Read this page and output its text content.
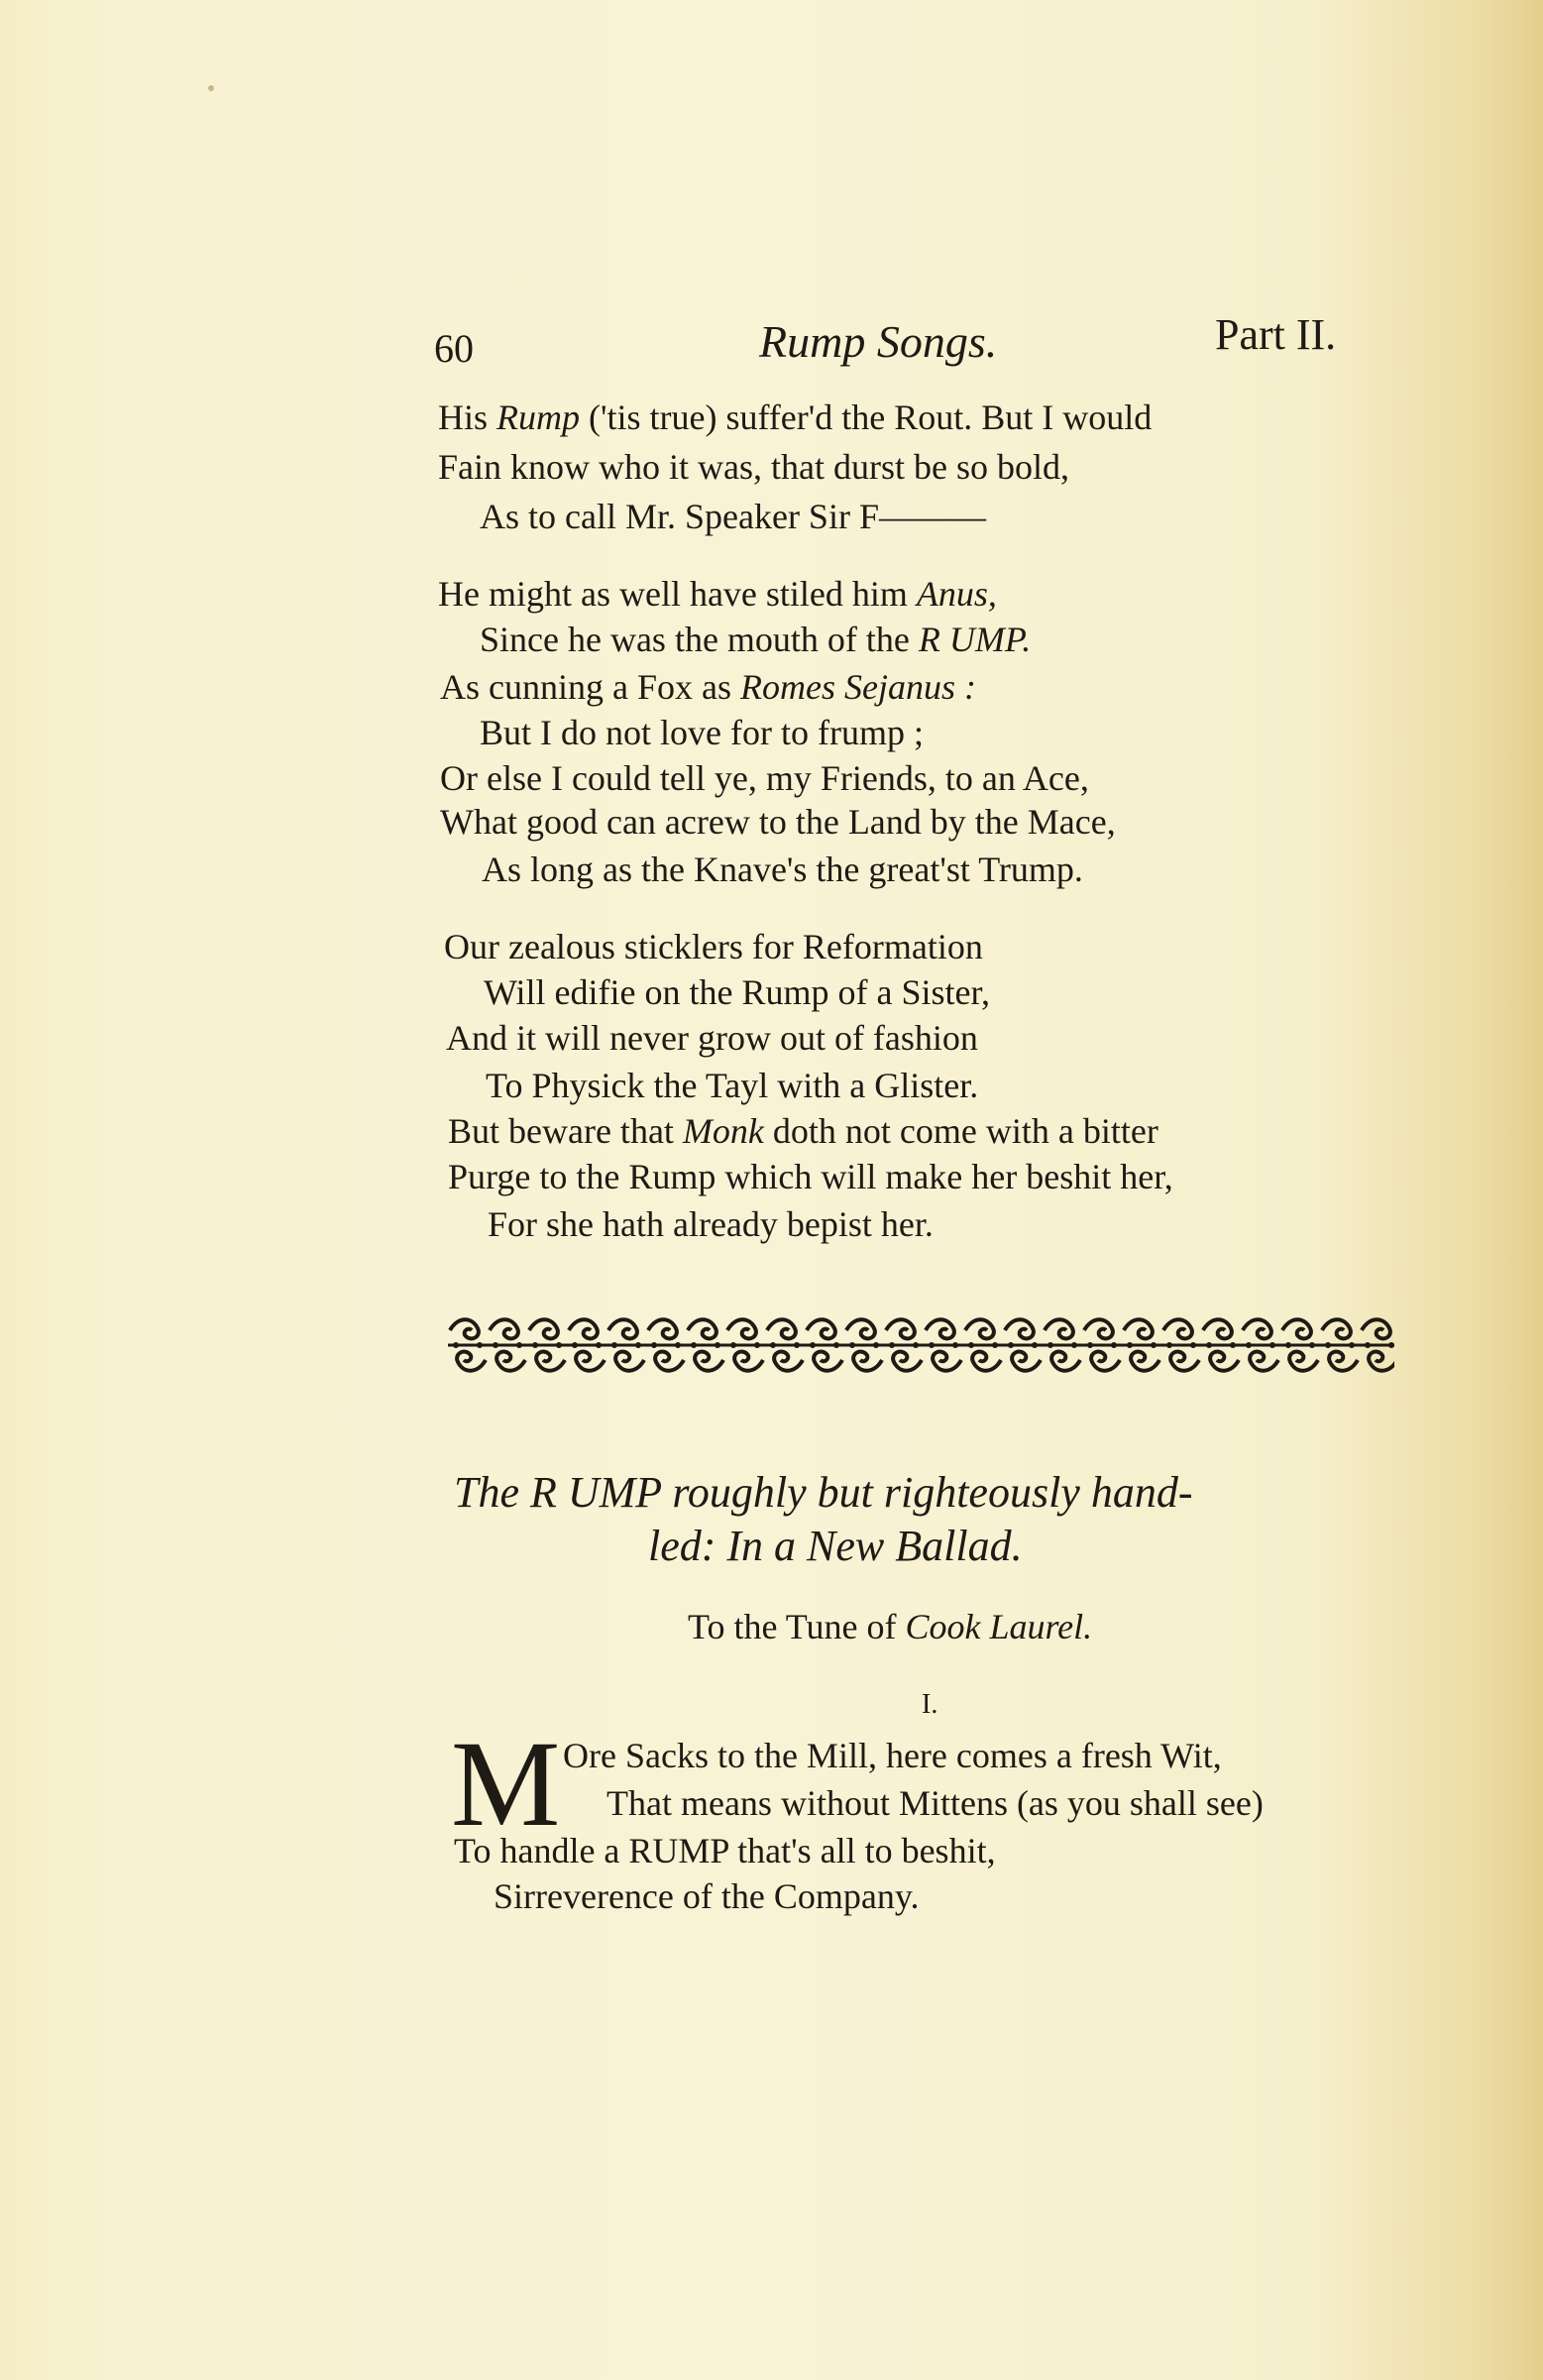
60	Rump Songs.	Part II.
His Rump ('tis true) suffer'd the Rout. But I would
Fain know who it was, that durst be so bold,
As to call Mr. Speaker Sir F———
He might as well have stiled him Anus,
Since he was the mouth of the R UMP.
As cunning a Fox as Romes Sejanus :
But I do not love for to frump ;
Or else I could tell ye, my Friends, to an Ace,
What good can acrew to the Land by the Mace,
As long as the Knave's the great'st Trump.
Our zealous sticklers for Reformation
Will edifie on the Rump of a Sister,
And it will never grow out of fashion
To Physick the Tayl with a Glister.
But beware that Monk doth not come with a bitter
Purge to the Rump which will make her beshit her,
For she hath already bepist her.
The R UMP roughly but righteously hand-
led: In a New Ballad.
To the Tune of Cook Laurel.
I.
M Ore Sacks to the Mill, here comes a fresh Wit,
That means without Mittens (as you shall see)
To handle a RUMP that's all to beshit,
Sirreverence of the Company.
